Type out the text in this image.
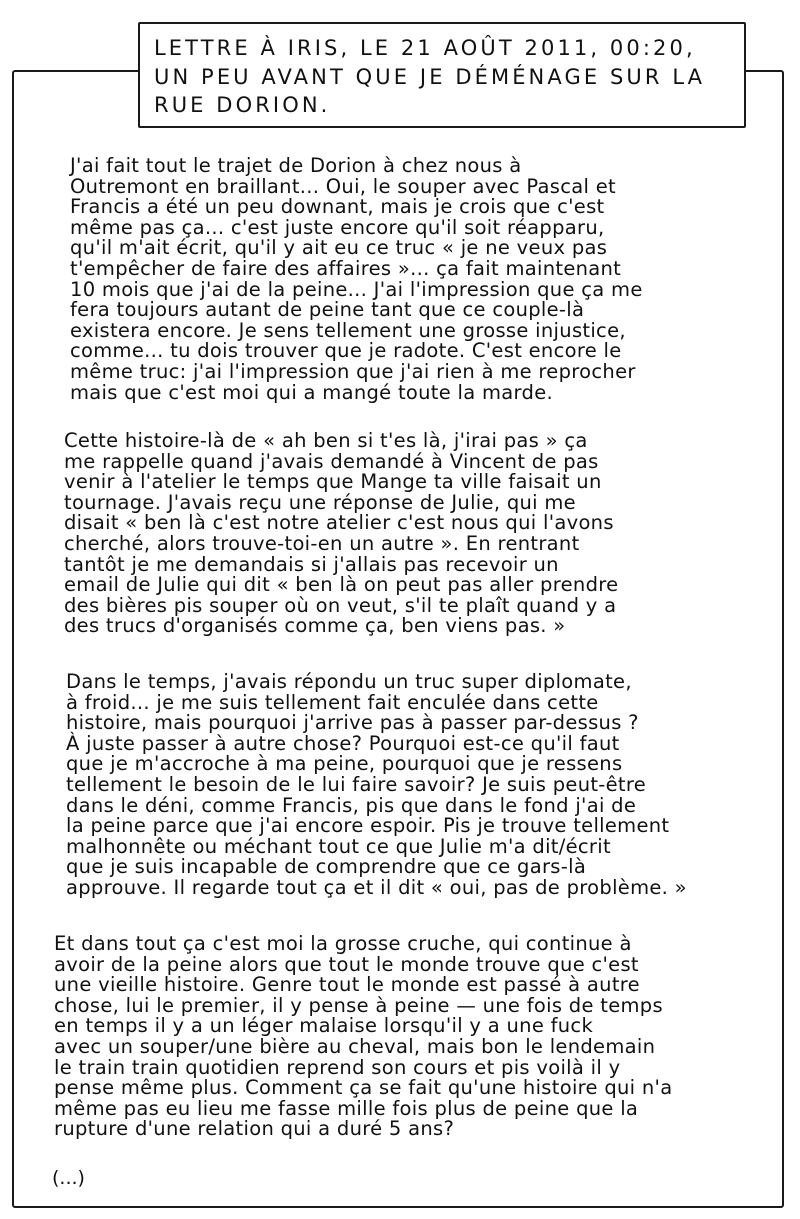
LETTRE À IRIS, LE 21 AOÛT 2011, 00:20,
UN PEU AVANT QUE JE DÉMÉNAGE SUR LA
RUE DORION.
J'ai fait tout le trajet de Dorion à chez nous à
Outremont en braillant... Oui, le souper avec Pascal et
Francis a été un peu downant, mais je crois que c'est
même pas ça... c'est juste encore qu'il soit réapparu,
qu'il m'ait écrit, qu'il y ait eu ce truc « je ne veux pas
t'empêcher de faire des affaires »... ça fait maintenant
10 mois que j'ai de la peine... J'ai l'impression que ça me
fera toujours autant de peine tant que ce couple-là
existera encore. Je sens tellement une grosse injustice,
comme... tu dois trouver que je radote. C'est encore le
même truc: j'ai l'impression que j'ai rien à me reprocher
mais que c'est moi qui a mangé toute la marde.
Cette histoire-là de « ah ben si t'es là, j'irai pas » ça
me rappelle quand j'avais demandé à Vincent de pas
venir à l'atelier le temps que Mange ta ville faisait un
tournage. J'avais reçu une réponse de Julie, qui me
disait « ben là c'est notre atelier c'est nous qui l'avons
cherché, alors trouve-toi-en un autre ». En rentrant
tantôt je me demandais si j'allais pas recevoir un
email de Julie qui dit « ben là on peut pas aller prendre
des bières pis souper où on veut, s'il te plaît quand y a
des trucs d'organisés comme ça, ben viens pas. »
Dans le temps, j'avais répondu un truc super diplomate,
à froid... je me suis tellement fait enculée dans cette
histoire, mais pourquoi j'arrive pas à passer par-dessus ?
À juste passer à autre chose? Pourquoi est-ce qu'il faut
que je m'accroche à ma peine, pourquoi que je ressens
tellement le besoin de le lui faire savoir? Je suis peut-être
dans le déni, comme Francis, pis que dans le fond j'ai de
la peine parce que j'ai encore espoir. Pis je trouve tellement
malhonnête ou méchant tout ce que Julie m'a dit/écrit
que je suis incapable de comprendre que ce gars-là
approuve. Il regarde tout ça et il dit « oui, pas de problème. »
Et dans tout ça c'est moi la grosse cruche, qui continue à
avoir de la peine alors que tout le monde trouve que c'est
une vieille histoire. Genre tout le monde est passé à autre
chose, lui le premier, il y pense à peine — une fois de temps
en temps il y a un léger malaise lorsqu'il y a une fuck
avec un souper/une bière au cheval, mais bon le lendemain
le train train quotidien reprend son cours et pis voilà il y
pense même plus. Comment ça se fait qu'une histoire qui n'a
même pas eu lieu me fasse mille fois plus de peine que la
rupture d'une relation qui a duré 5 ans?
(...)
